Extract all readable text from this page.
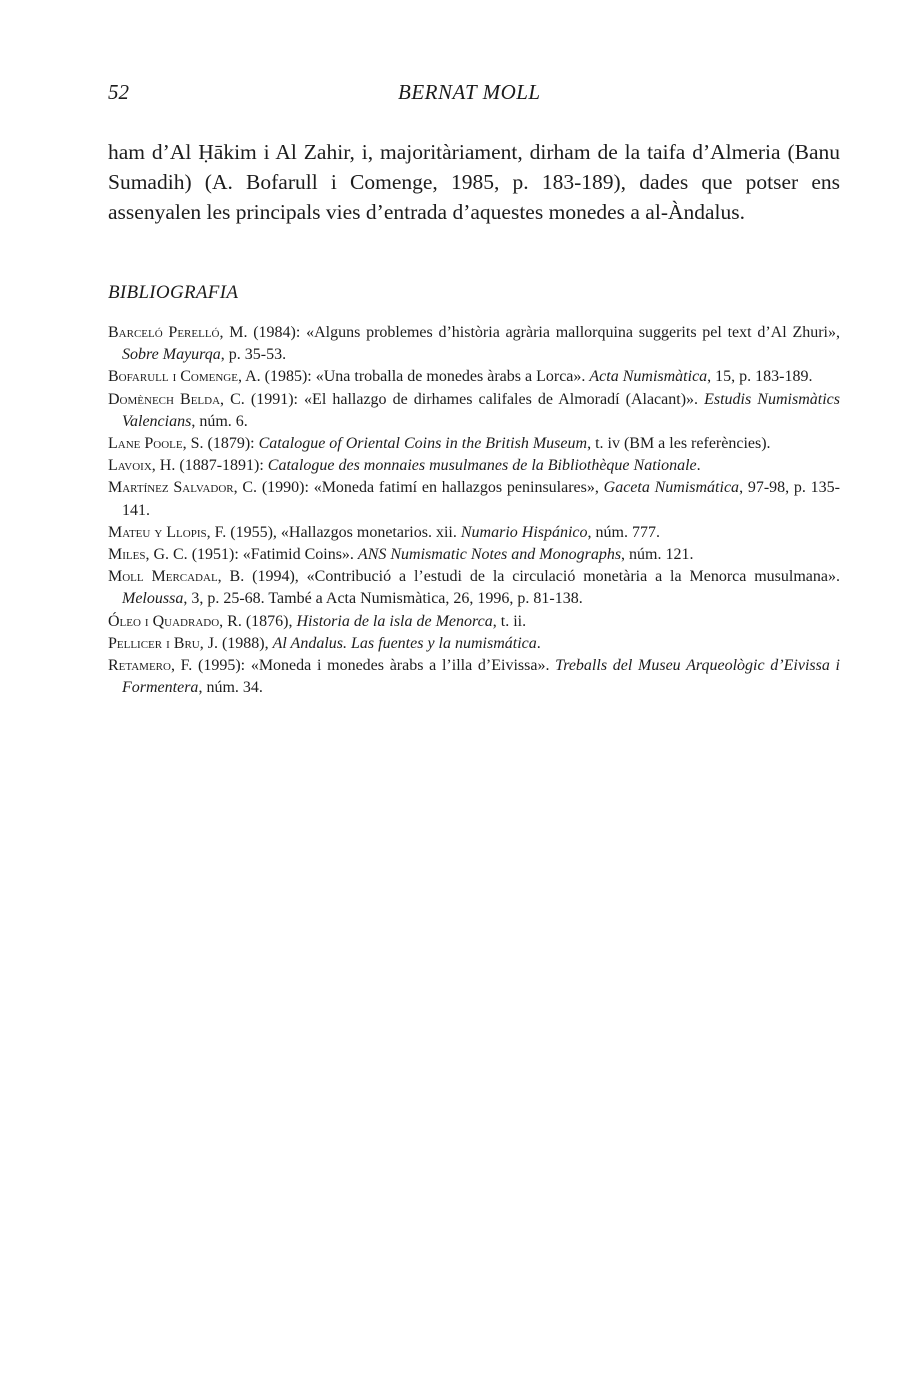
52	BERNAT MOLL

ham d’Al Ḥākim i Al Zahir, i, majoritàriament, dirham de la taifa d’Almeria (Banu Sumadih) (A. Bofarull i Comenge, 1985, p. 183-189), dades que potser ens assenyalen les principals vies d’entrada d’aquestes monedes a al-Àndalus.

BIBLIOGRAFIA
Barceló Perelló, M. (1984): «Alguns problemes d’història agrària mallorquina suggerits pel text d’Al Zhuri», Sobre Mayurqa, p. 35-53.
Bofarull i Comenge, A. (1985): «Una troballa de monedes àrabs a Lorca». Acta Numismàtica, 15, p. 183-189.
Domènech Belda, C. (1991): «El hallazgo de dirhames califales de Almoradí (Alacant)». Estudis Numismàtics Valencians, núm. 6.
Lane Poole, S. (1879): Catalogue of Oriental Coins in the British Museum, t. iv (BM a les referències).
Lavoix, H. (1887-1891): Catalogue des monnaies musulmanes de la Bibliothèque Nationale.
Martínez Salvador, C. (1990): «Moneda fatimí en hallazgos peninsulares», Gaceta Numismática, 97-98, p. 135-141.
Mateu y Llopis, F. (1955), «Hallazgos monetarios. xii. Numario Hispánico, núm. 777.
Miles, G. C. (1951): «Fatimid Coins». ANS Numismatic Notes and Monographs, núm. 121.
Moll Mercadal, B. (1994), «Contribució a l’estudi de la circulació monetària a la Menorca musulmana». Meloussa, 3, p. 25-68. També a Acta Numismàtica, 26, 1996, p. 81-138.
Óleo i Quadrado, R. (1876), Historia de la isla de Menorca, t. ii.
Pellicer i Bru, J. (1988), Al Andalus. Las fuentes y la numismática.
Retamero, F. (1995): «Moneda i monedes àrabs a l’illa d’Eivissa». Treballs del Museu Arqueològic d’Eivissa i Formentera, núm. 34.
